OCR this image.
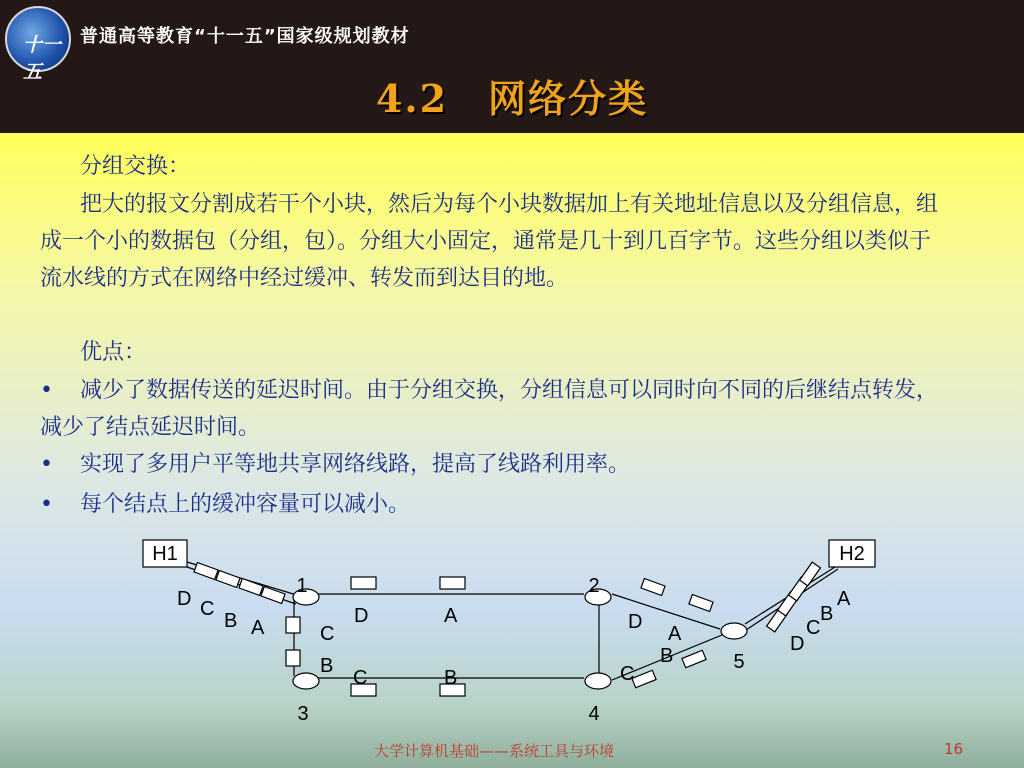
十一五
普通高等教育“十一五”国家级规划教材
4.2　网络分类
分组交换：
把大的报文分割成若干个小块，然后为每个小块数据加上有关地址信息以及分组信息，组成一个小的数据包（分组，包）。分组大小固定，通常是几十到几百字节。这些分组以类似于流水线的方式在网络中经过缓冲、转发而到达目的地。
优点：
•	减少了数据传送的延迟时间。由于分组交换，分组信息可以同时向不同的后继结点转发，减少了结点延迟时间。
•	实现了多用户平等地共享网络线路，提高了线路利用率。
•	每个结点上的缓冲容量可以减小。
H1	H2
1	2
3	4
5
D C
B A
D	A
C
B
C	B
D
A
C
B
A
B
C
D
大学计算机基础——系统工具与环境	16
